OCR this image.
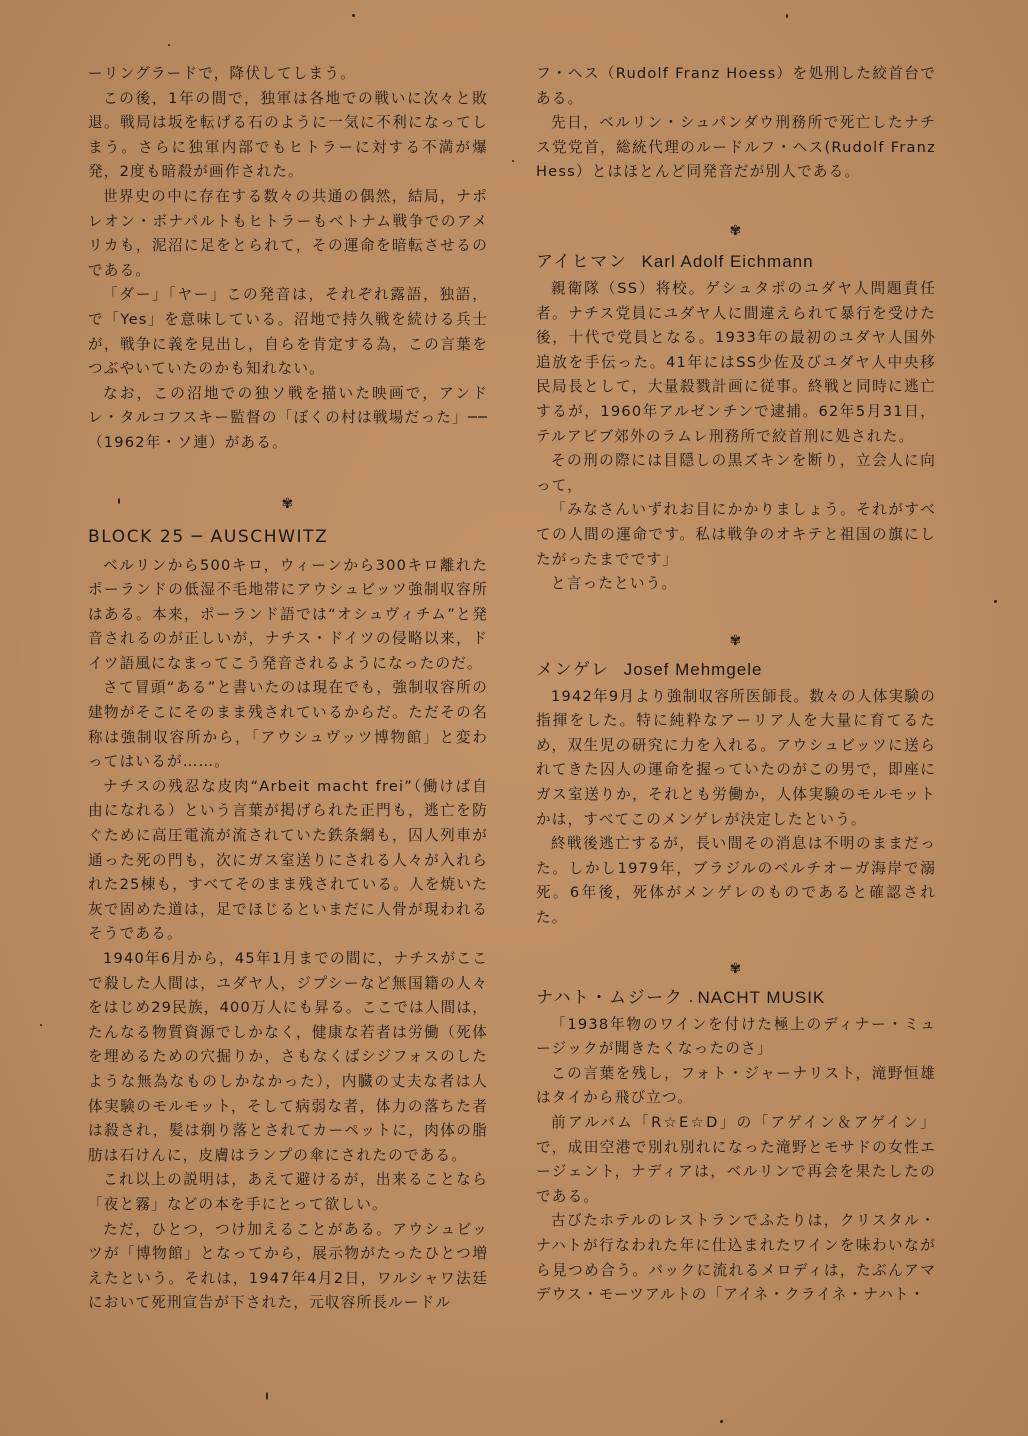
ーリングラードで，降伏してしまう。

この後，1年の間で，独軍は各地での戦いに次々と敗退。戦局は坂を転げる石のように一気に不利になってしまう。さらに独軍内部でもヒトラーに対する不満が爆発，2度も暗殺が画作された。

世界史の中に存在する数々の共通の偶然，結局，ナポレオン・ボナパルトもヒトラーもベトナム戦争でのアメリカも，泥沼に足をとられて，その運命を暗転させるのである。

「ダー」「ヤー」この発音は，それぞれ露語，独語，で「Yes」を意味している。沼地で持久戦を続ける兵士が，戦争に義を見出し，自らを肯定する為，この言葉をつぶやいていたのかも知れない。

なお，この沼地での独ソ戦を描いた映画で，アンドレ・タルコフスキー監督の「ぼくの村は戦場だった」──（1962年・ソ連）がある。

✾

BLOCK 25 ─ AUSCHWITZ

ベルリンから500キロ，ウィーンから300キロ離れたポーランドの低湿不毛地帯にアウシュビッツ強制収容所はある。本来，ポーランド語では“オシュヴィチム”と発音されるのが正しいが，ナチス・ドイツの侵略以来，ドイツ語風になまってこう発音されるようになったのだ。

さて冒頭“ある”と書いたのは現在でも，強制収容所の建物がそこにそのまま残されているからだ。ただその名称は強制収容所から，「アウシュヴッツ博物館」と変わってはいるが……。

ナチスの残忍な皮肉“Arbeit macht frei”（働けば自由になれる）という言葉が掲げられた正門も，逃亡を防ぐために高圧電流が流されていた鉄条網も，囚人列車が通った死の門も，次にガス室送りにされる人々が入れられた25棟も，すべてそのまま残されている。人を焼いた灰で固めた道は，足でほじるといまだに人骨が現われるそうである。

1940年6月から，45年1月までの間に，ナチスがここで殺した人間は，ユダヤ人，ジプシーなど無国籍の人々をはじめ29民族，400万人にも昇る。ここでは人間は，たんなる物質資源でしかなく，健康な若者は労働（死体を埋めるための穴掘りか，さもなくばシジフォスのしたような無為なものしかなかった），内臓の丈夫な者は人体実験のモルモット，そして病弱な者，体力の落ちた者は殺され，髪は剃り落とされてカーペットに，肉体の脂肪は石けんに，皮膚はランプの傘にされたのである。

これ以上の説明は，あえて避けるが，出来ることなら「夜と霧」などの本を手にとって欲しい。

ただ，ひとつ，つけ加えることがある。アウシュビッツが「博物館」となってから，展示物がたったひとつ増えたという。それは，1947年4月2日，ワルシャワ法廷において死刑宣告が下された，元収容所長ルードル

フ・ヘス（Rudolf Franz Hoess）を処刑した絞首台である。

先日，ベルリン・シュパンダウ刑務所で死亡したナチス党党首，総統代理のルードルフ・ヘス(Rudolf Franz Hess）とはほとんど同発音だが別人である。

✾

アイヒマン Karl Adolf Eichmann

親衛隊（SS）将校。ゲシュタポのユダヤ人問題責任者。ナチス党員にユダヤ人に間違えられて暴行を受けた後，十代で党員となる。1933年の最初のユダヤ人国外追放を手伝った。41年にはSS少佐及びユダヤ人中央移民局長として，大量殺戮計画に従事。終戦と同時に逃亡するが，1960年アルゼンチンで逮捕。62年5月31日，テルアビブ郊外のラムレ刑務所で絞首刑に処された。

その刑の際には目隠しの黒ズキンを断り，立会人に向って，

「みなさんいずれお目にかかりましょう。それがすべての人間の運命です。私は戦争のオキテと祖国の旗にしたがったまでです」

と言ったという。

✾

メンゲレ Josef Mehmgele

1942年9月より強制収容所医師長。数々の人体実験の指揮をした。特に純粋なアーリア人を大量に育てるため，双生児の研究に力を入れる。アウシュビッツに送られてきた囚人の運命を握っていたのがこの男で，即座にガス室送りか，それとも労働か，人体実験のモルモットかは，すべてこのメンゲレが決定したという。

終戦後逃亡するが，長い間その消息は不明のままだった。しかし1979年，ブラジルのベルチオーガ海岸で溺死。6年後，死体がメンゲレのものであると確認された。

✾

ナハト・ムジーク NACHT MUSIK

「1938年物のワインを付けた極上のディナー・ミュージックが聞きたくなったのさ」

この言葉を残し，フォト・ジャーナリスト，滝野恒雄はタイから飛び立つ。

前アルバム「R☆E☆D」の「アゲイン＆アゲイン」で，成田空港で別れ別れになった滝野とモサドの女性エージェント，ナディアは，ベルリンで再会を果たしたのである。

古びたホテルのレストランでふたりは，クリスタル・ナハトが行なわれた年に仕込まれたワインを味わいながら見つめ合う。バックに流れるメロディは，たぶんアマデウス・モーツアルトの「アイネ・クライネ・ナハト・
